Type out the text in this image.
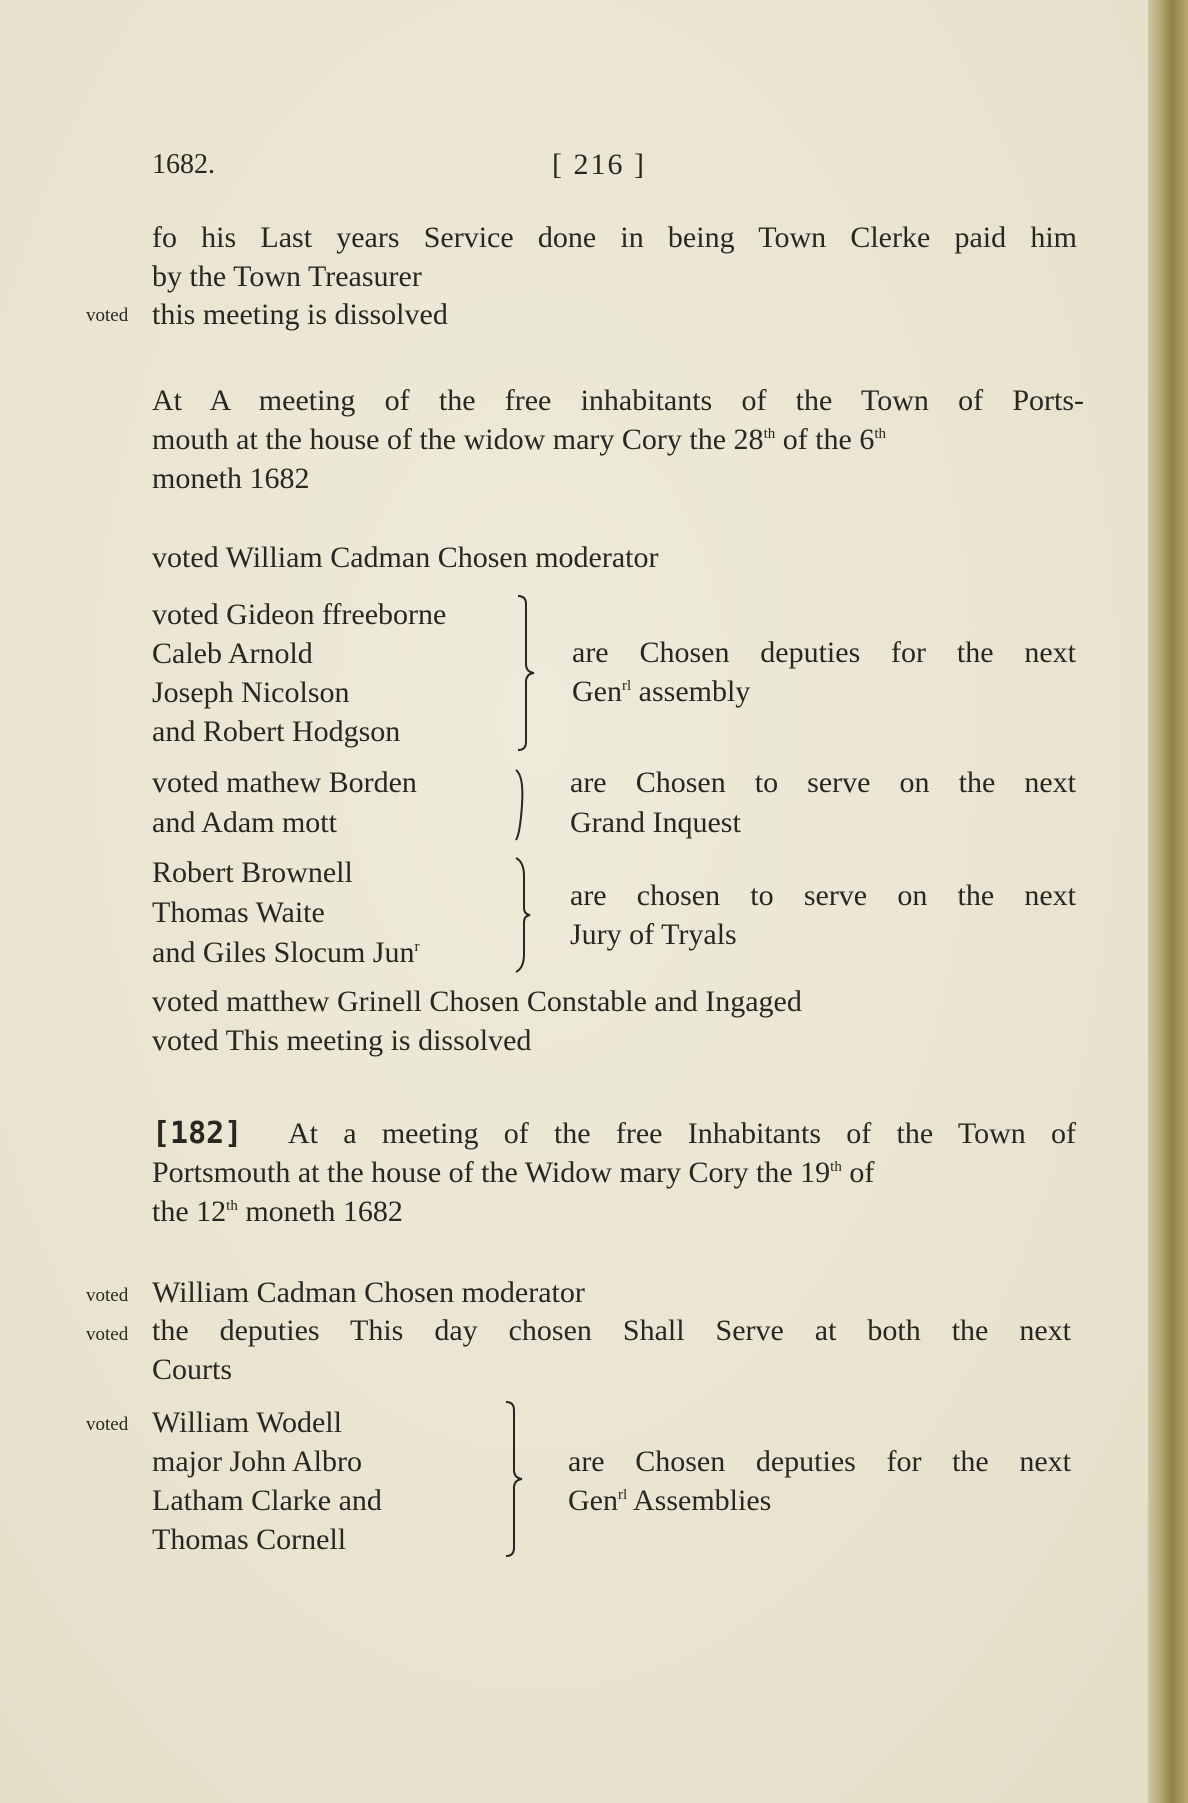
1682.	[ 216 ]
fo his Last years Service done in being Town Clerke paid him
by the Town Treasurer
voted this meeting is dissolved
At A meeting of the free inhabitants of the Town of Ports-
mouth at the house of the widow mary Cory the 28th of the 6th
moneth 1682
voted William Cadman Chosen moderator
voted Gideon ffreeborne
Caleb Arnold
Joseph Nicolson
and Robert Hodgson
are Chosen deputies for the next
Gen$^{rl}$ assembly
voted mathew Borden
and Adam mott
are Chosen to serve on the next
Grand Inquest
Robert Brownell
Thomas Waite
and Giles Slocum Jun$^r$
are chosen to serve on the next
Jury of Tryals
voted matthew Grinell Chosen Constable and Ingaged
voted This meeting is dissolved
[182] At a meeting of the free Inhabitants of the Town of
Portsmouth at the house of the Widow mary Cory the 19th of
the 12th moneth 1682
voted William Cadman Chosen moderator
voted the deputies This day chosen Shall Serve at both the next
Courts
voted William Wodell
major John Albro
Latham Clarke and
Thomas Cornell
are Chosen deputies for the next
Gen$^{rl}$ Assemblies
